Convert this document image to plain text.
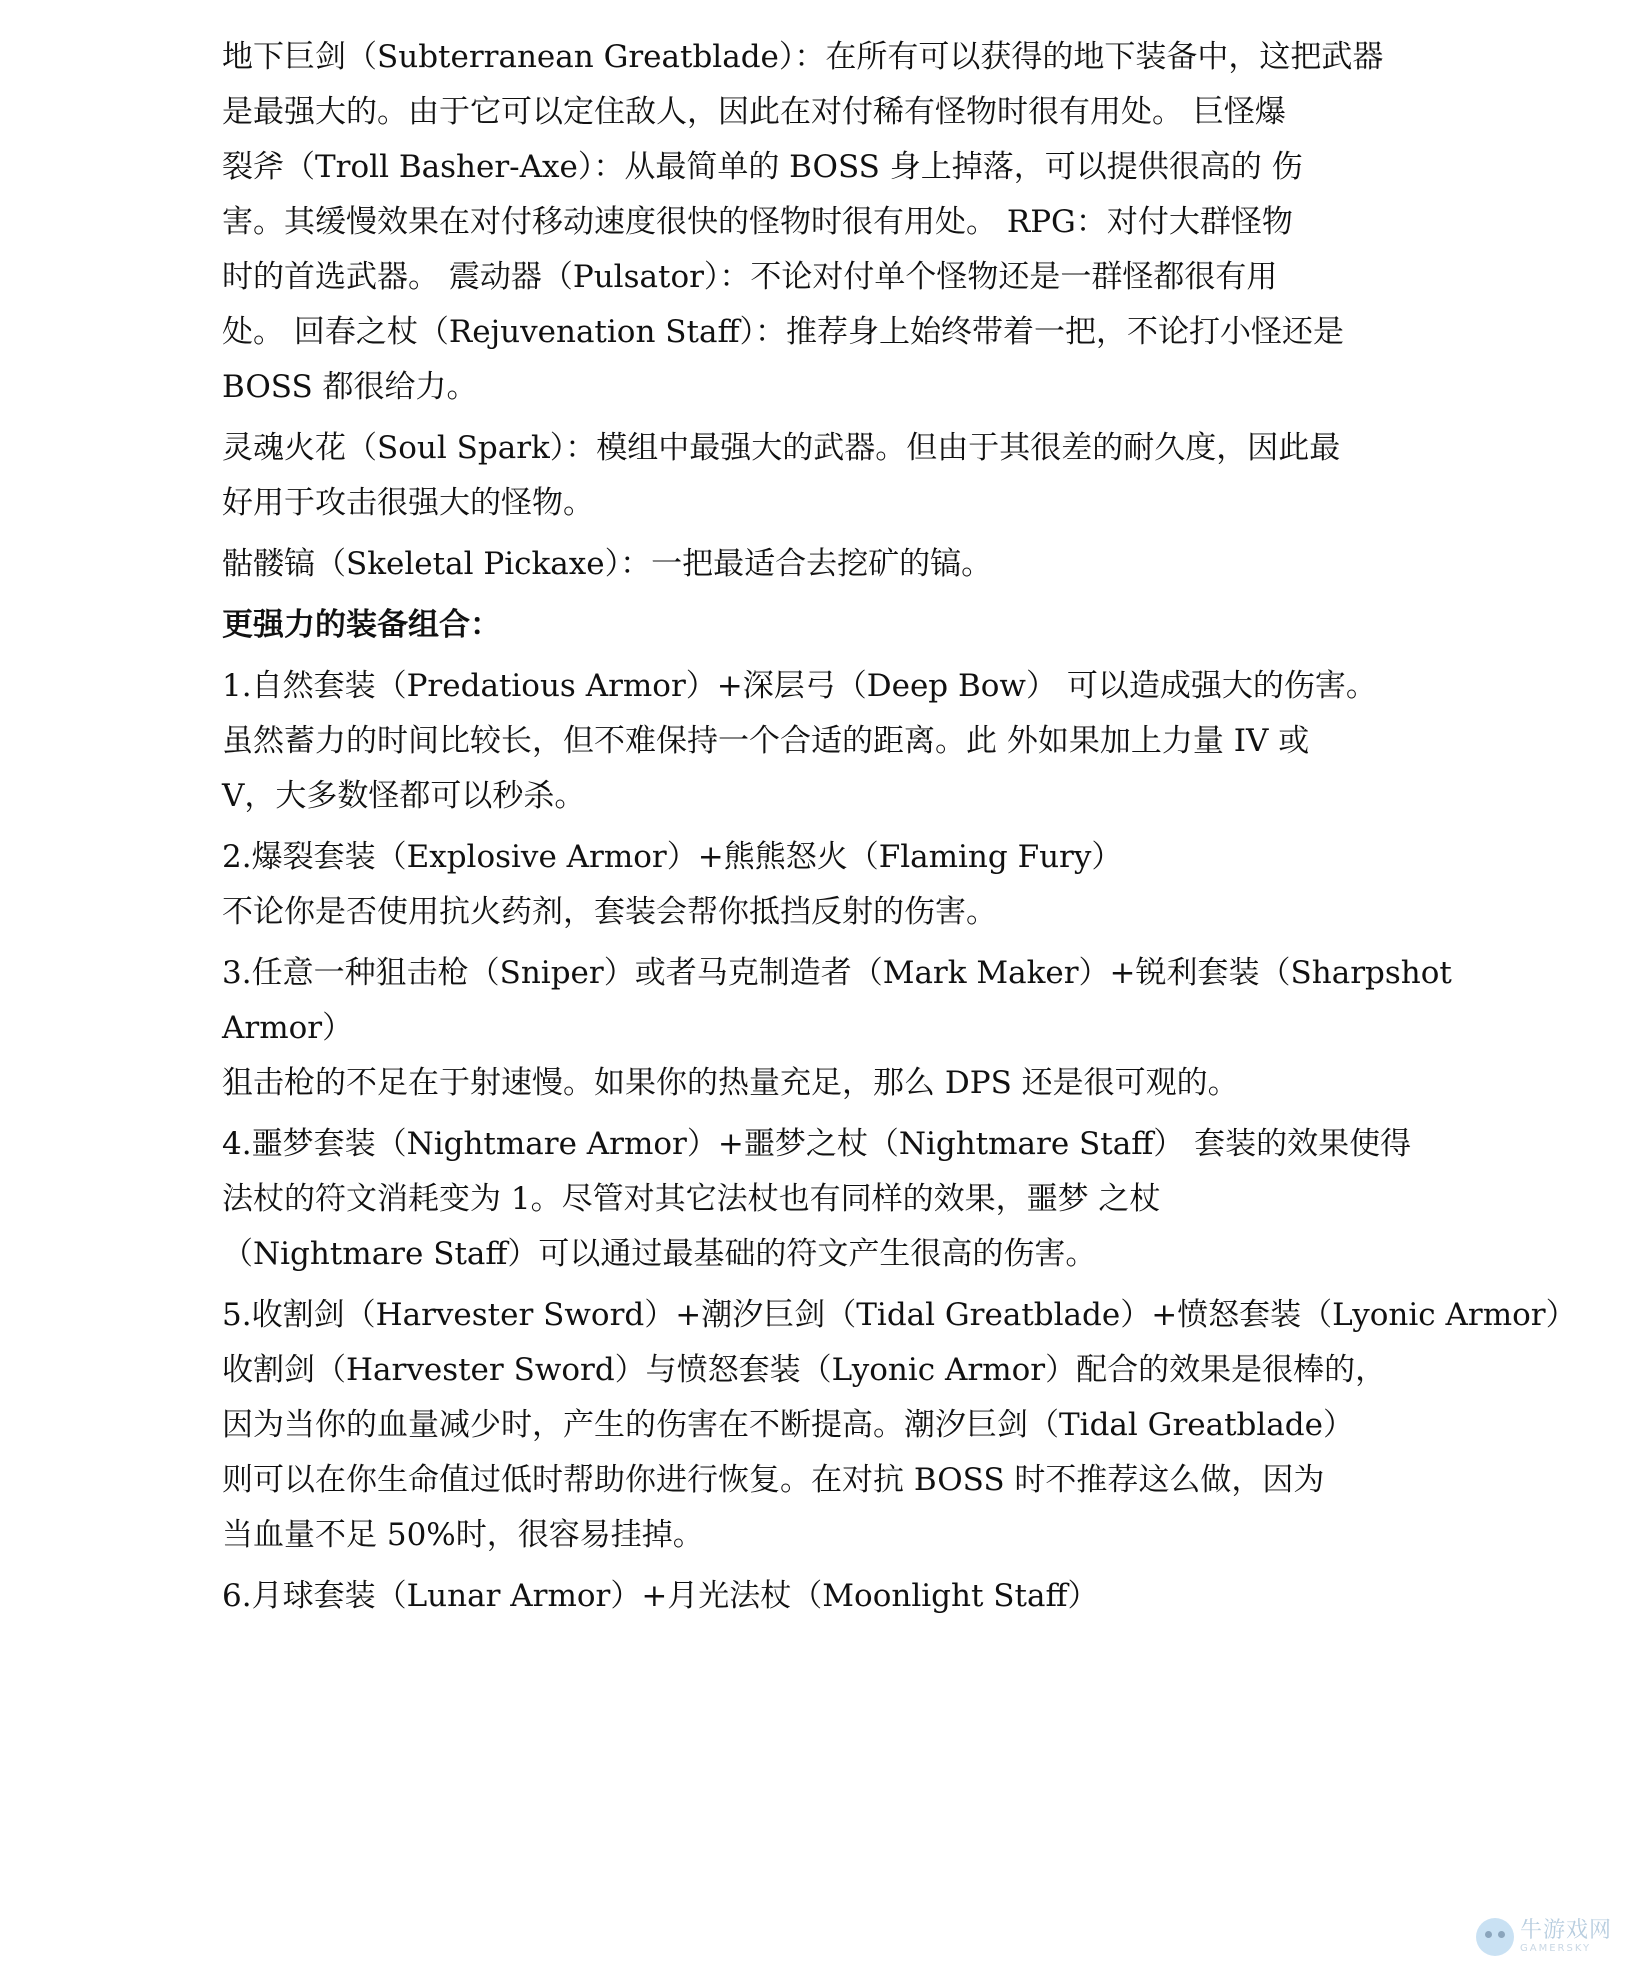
地下巨剑（Subterranean Greatblade）：在所有可以获得的地下装备中，这把武器
是最强大的。由于它可以定住敌人，因此在对付稀有怪物时很有用处。 巨怪爆
裂斧（Troll Basher-Axe）：从最简单的 BOSS 身上掉落，可以提供很高的 伤
害。其缓慢效果在对付移动速度很快的怪物时很有用处。 RPG：对付大群怪物
时的首选武器。 震动器（Pulsator）：不论对付单个怪物还是一群怪都很有用
处。 回春之杖（Rejuvenation Staff）：推荐身上始终带着一把，不论打小怪还是
BOSS 都很给力。
灵魂火花（Soul Spark）：模组中最强大的武器。但由于其很差的耐久度，因此最
好用于攻击很强大的怪物。
骷髅镐（Skeletal Pickaxe）：一把最适合去挖矿的镐。
更强力的装备组合：
1.自然套装（Predatious Armor）+深层弓（Deep Bow） 可以造成强大的伤害。
虽然蓄力的时间比较长，但不难保持一个合适的距离。此 外如果加上力量 IV 或
V，大多数怪都可以秒杀。
2.爆裂套装（Explosive Armor）+熊熊怒火（Flaming Fury）
不论你是否使用抗火药剂，套装会帮你抵挡反射的伤害。
3.任意一种狙击枪（Sniper）或者马克制造者（Mark Maker）+锐利套装（Sharpshot
Armor）
狙击枪的不足在于射速慢。如果你的热量充足，那么 DPS 还是很可观的。
4.噩梦套装（Nightmare Armor）+噩梦之杖（Nightmare Staff） 套装的效果使得
法杖的符文消耗变为 1。尽管对其它法杖也有同样的效果，噩梦 之杖
（Nightmare Staff）可以通过最基础的符文产生很高的伤害。
5.收割剑（Harvester Sword）+潮汐巨剑（Tidal Greatblade）+愤怒套装（Lyonic Armor）
收割剑（Harvester Sword）与愤怒套装（Lyonic Armor）配合的效果是很棒的，
因为当你的血量减少时，产生的伤害在不断提高。潮汐巨剑（Tidal Greatblade）
则可以在你生命值过低时帮助你进行恢复。在对抗 BOSS 时不推荐这么做，因为
当血量不足 50%时，很容易挂掉。
6.月球套装（Lunar Armor）+月光法杖（Moonlight Staff）
牛游戏网
GAMERSKY
